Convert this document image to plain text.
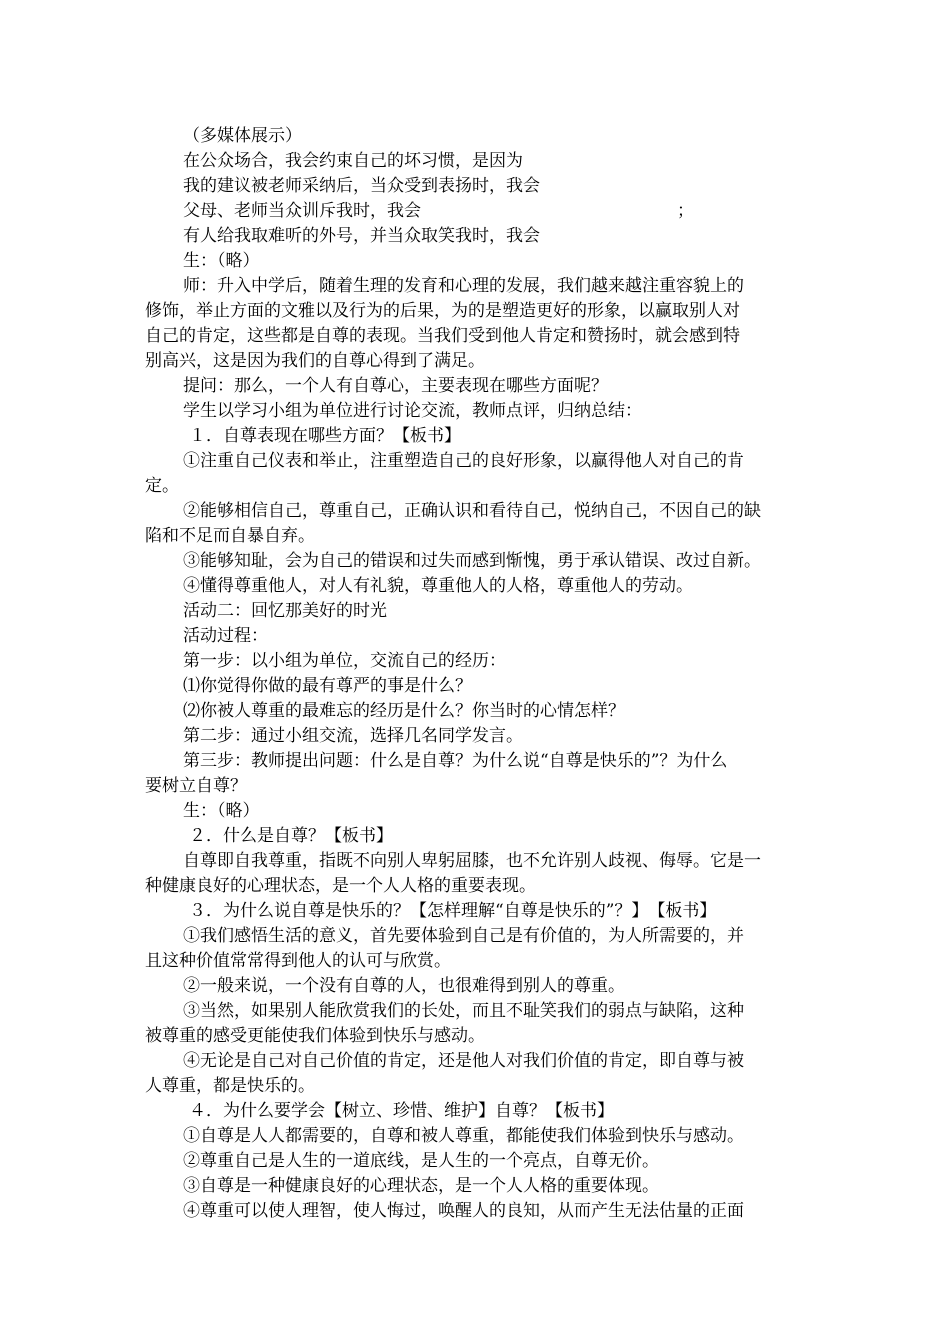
（多媒体展示）
在公众场合，我会约束自己的坏习惯，是因为
我的建议被老师采纳后，当众受到表扬时，我会
父母、老师当众训斥我时，我会	；
有人给我取难听的外号，并当众取笑我时，我会
生：（略）
师：升入中学后，随着生理的发育和心理的发展，我们越来越注重容貌上的
修饰，举止方面的文雅以及行为的后果，为的是塑造更好的形象，以赢取别人对
自己的肯定，这些都是自尊的表现。当我们受到他人肯定和赞扬时，就会感到特
别高兴，这是因为我们的自尊心得到了满足。
提问：那么，一个人有自尊心，主要表现在哪些方面呢？
学生以学习小组为单位进行讨论交流，教师点评，归纳总结：
１．自尊表现在哪些方面？【板书】
①注重自己仪表和举止，注重塑造自己的良好形象，以赢得他人对自己的肯
定。
②能够相信自己，尊重自己，正确认识和看待自己，悦纳自己，不因自己的缺
陷和不足而自暴自弃。
③能够知耻，会为自己的错误和过失而感到惭愧，勇于承认错误、改过自新。
④懂得尊重他人，对人有礼貌，尊重他人的人格，尊重他人的劳动。
活动二：回忆那美好的时光
活动过程：
第一步：以小组为单位，交流自己的经历：
⑴你觉得你做的最有尊严的事是什么？
⑵你被人尊重的最难忘的经历是什么？你当时的心情怎样？
第二步：通过小组交流，选择几名同学发言。
第三步：教师提出问题：什么是自尊？为什么说“自尊是快乐的”？为什么
要树立自尊？
生：（略）
２．什么是自尊？【板书】
自尊即自我尊重，指既不向别人卑躬屈膝，也不允许别人歧视、侮辱。它是一
种健康良好的心理状态，是一个人人格的重要表现。
３．为什么说自尊是快乐的？【怎样理解“自尊是快乐的”？】　【板书】
①我们感悟生活的意义，首先要体验到自己是有价值的，为人所需要的，并
且这种价值常常得到他人的认可与欣赏。
②一般来说，一个没有自尊的人，也很难得到别人的尊重。
③当然，如果别人能欣赏我们的长处，而且不耻笑我们的弱点与缺陷，这种
被尊重的感受更能使我们体验到快乐与感动。
④无论是自己对自己价值的肯定，还是他人对我们价值的肯定，即自尊与被
人尊重，都是快乐的。
４．为什么要学会【树立、珍惜、维护】自尊？【板书】
①自尊是人人都需要的，自尊和被人尊重，都能使我们体验到快乐与感动。
②尊重自己是人生的一道底线，是人生的一个亮点，自尊无价。
③自尊是一种健康良好的心理状态，是一个人人格的重要体现。
④尊重可以使人理智，使人悔过，唤醒人的良知，从而产生无法估量的正面
